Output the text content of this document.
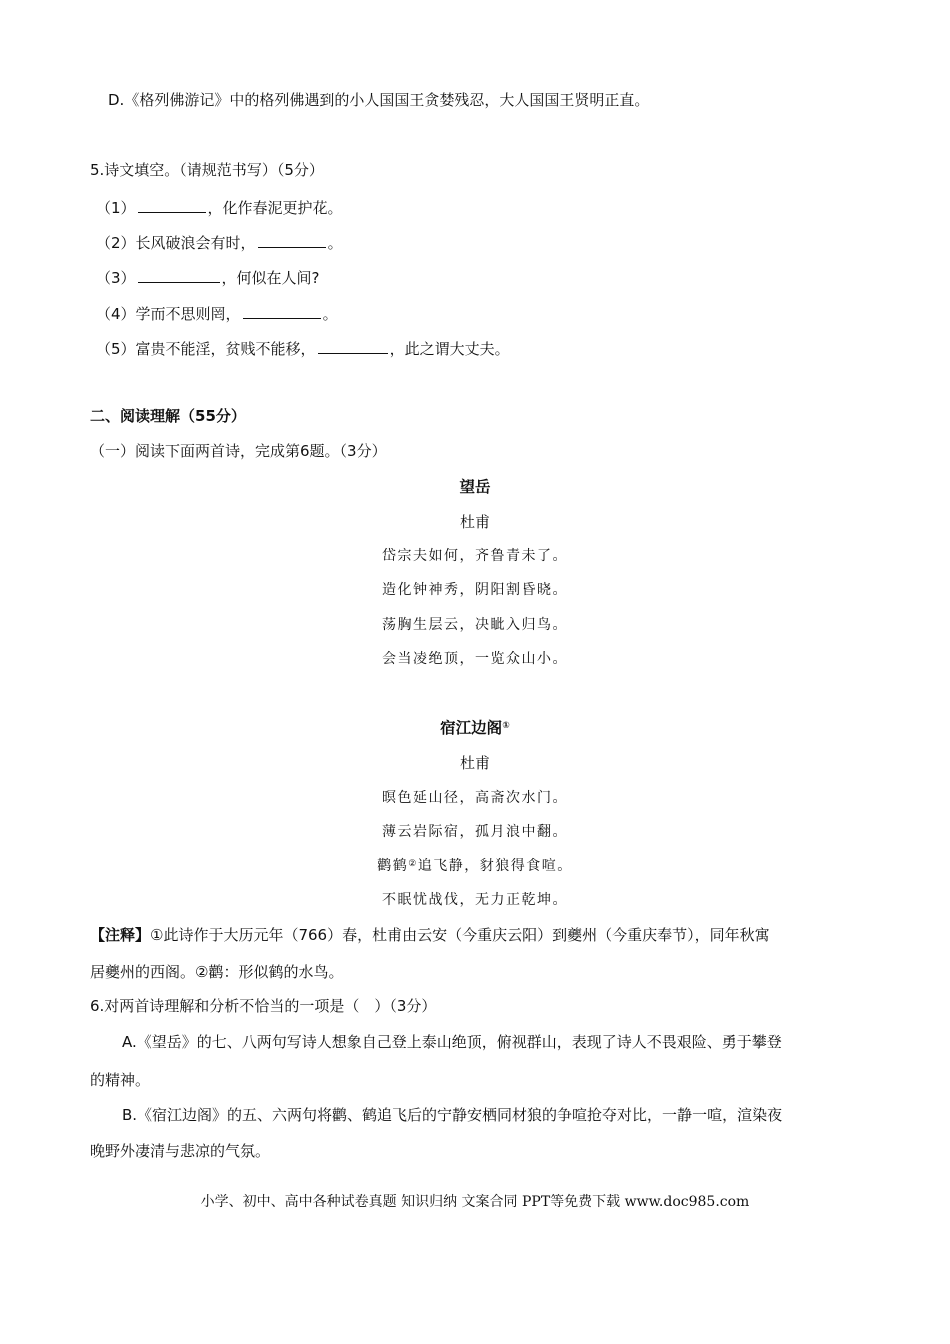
D.《格列佛游记》中的格列佛遇到的小人国国王贪婪残忍，大人国国王贤明正直。
5.诗文填空。（请规范书写）（5分）
（1）	，化作春泥更护花。
（2）长风破浪会有时，	。
（3）	，何似在人间?
（4）学而不思则罔，	。
（5）富贵不能淫，贫贱不能移，	，此之谓大丈夫。
二、阅读理解（55分）
（一）阅读下面两首诗，完成第6题。（3分）
望岳
杜甫
岱宗夫如何，齐鲁青未了。
造化钟神秀，阴阳割昏晓。
荡胸生层云，决眦入归鸟。
会当凌绝顶，一览众山小。
宿江边阁①
杜甫
暝色延山径，高斋次水门。
薄云岩际宿，孤月浪中翻。
鹳鹤②追飞静，豺狼得食喧。
不眠忧战伐，无力正乾坤。
【注释】①此诗作于大历元年（766）春，杜甫由云安（今重庆云阳）到夔州（今重庆奉节），同年秋寓
居夔州的西阁。②鹳：形似鹤的水鸟。
6.对两首诗理解和分析不恰当的一项是（　）（3分）
A.《望岳》的七、八两句写诗人想象自己登上泰山绝顶，俯视群山，表现了诗人不畏艰险、勇于攀登
的精神。
B.《宿江边阁》的五、六两句将鹳、鹤追飞后的宁静安栖同材狼的争喧抢夺对比，一静一喧，渲染夜
晚野外凄清与悲凉的气氛。
小学、初中、高中各种试卷真题 知识归纳 文案合同 PPT等免费下载 www.doc985.com
